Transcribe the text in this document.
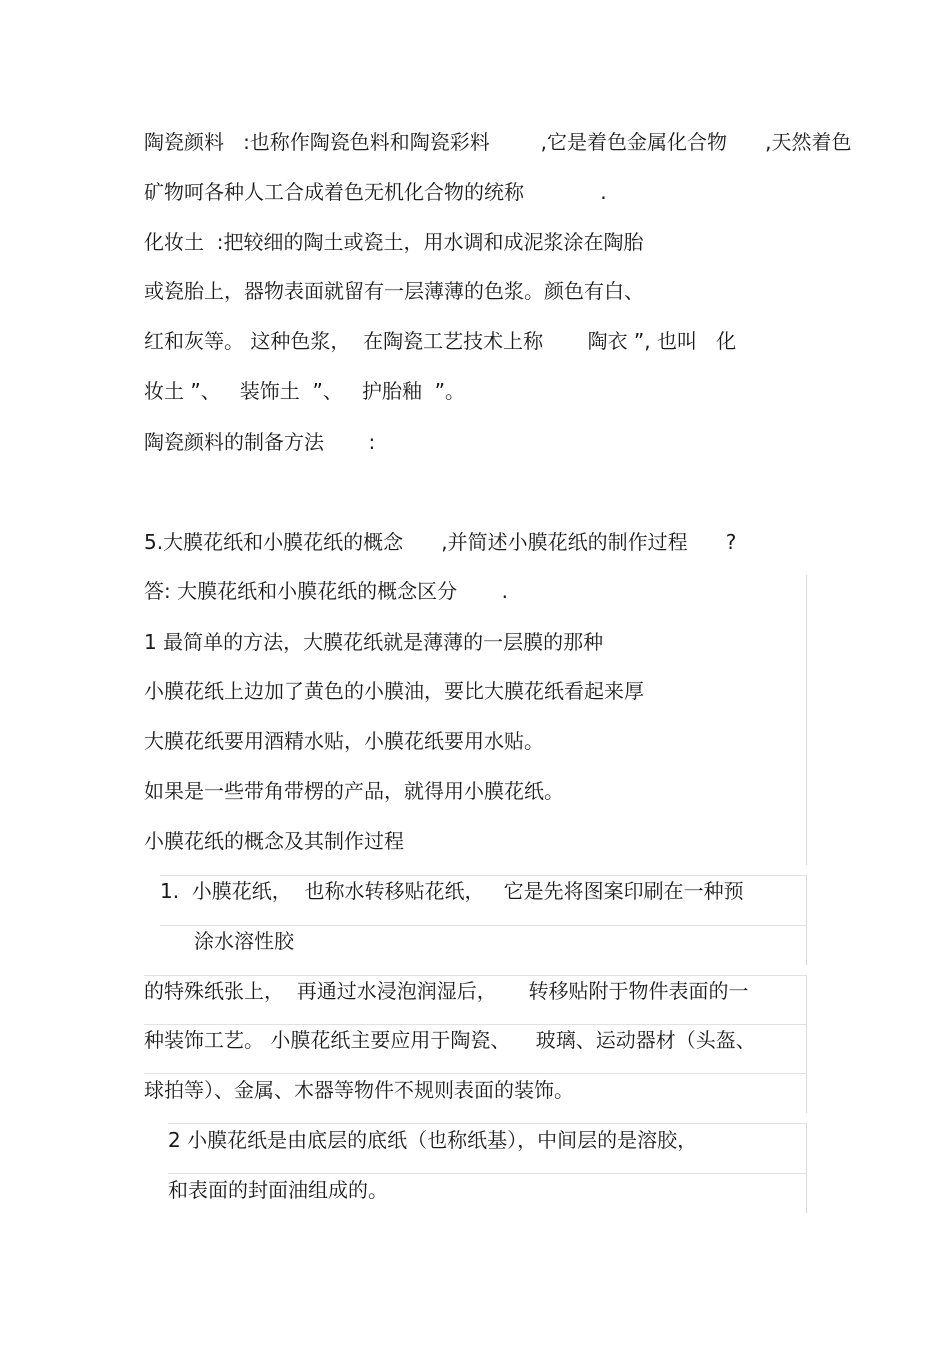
陶瓷颜料   :也称作陶瓷色料和陶瓷彩料        ,它是着色金属化合物      ,天然着色

矿物呵各种人工合成着色无机化合物的统称            .

化妆土  :把较细的陶土或瓷土，用水调和成泥浆涂在陶胎

或瓷胎上，器物表面就留有一层薄薄的色浆。颜色有白、

红和灰等。 这种色浆，  在陶瓷工艺技术上称       陶衣 ”, 也叫   化

妆土 ”、   装饰土  ”、   护胎釉  ”。

陶瓷颜料的制备方法       :

5.大膜花纸和小膜花纸的概念      ,并简述小膜花纸的制作过程      ?

答: 大膜花纸和小膜花纸的概念区分       .

1 最简单的方法，大膜花纸就是薄薄的一层膜的那种

小膜花纸上边加了黄色的小膜油，要比大膜花纸看起来厚

大膜花纸要用酒精水贴，小膜花纸要用水贴。

如果是一些带角带楞的产品，就得用小膜花纸。

小膜花纸的概念及其制作过程

1.  小膜花纸，  也称水转移贴花纸，   它是先将图案印刷在一种预

涂水溶性胶

的特殊纸张上，  再通过水浸泡润湿后，     转移贴附于物件表面的一

种装饰工艺。 小膜花纸主要应用于陶瓷、    玻璃、运动器材（头盔、

球拍等）、金属、木器等物件不规则表面的装饰。

2 小膜花纸是由底层的底纸（也称纸基），中间层的是溶胶，

和表面的封面油组成的。
